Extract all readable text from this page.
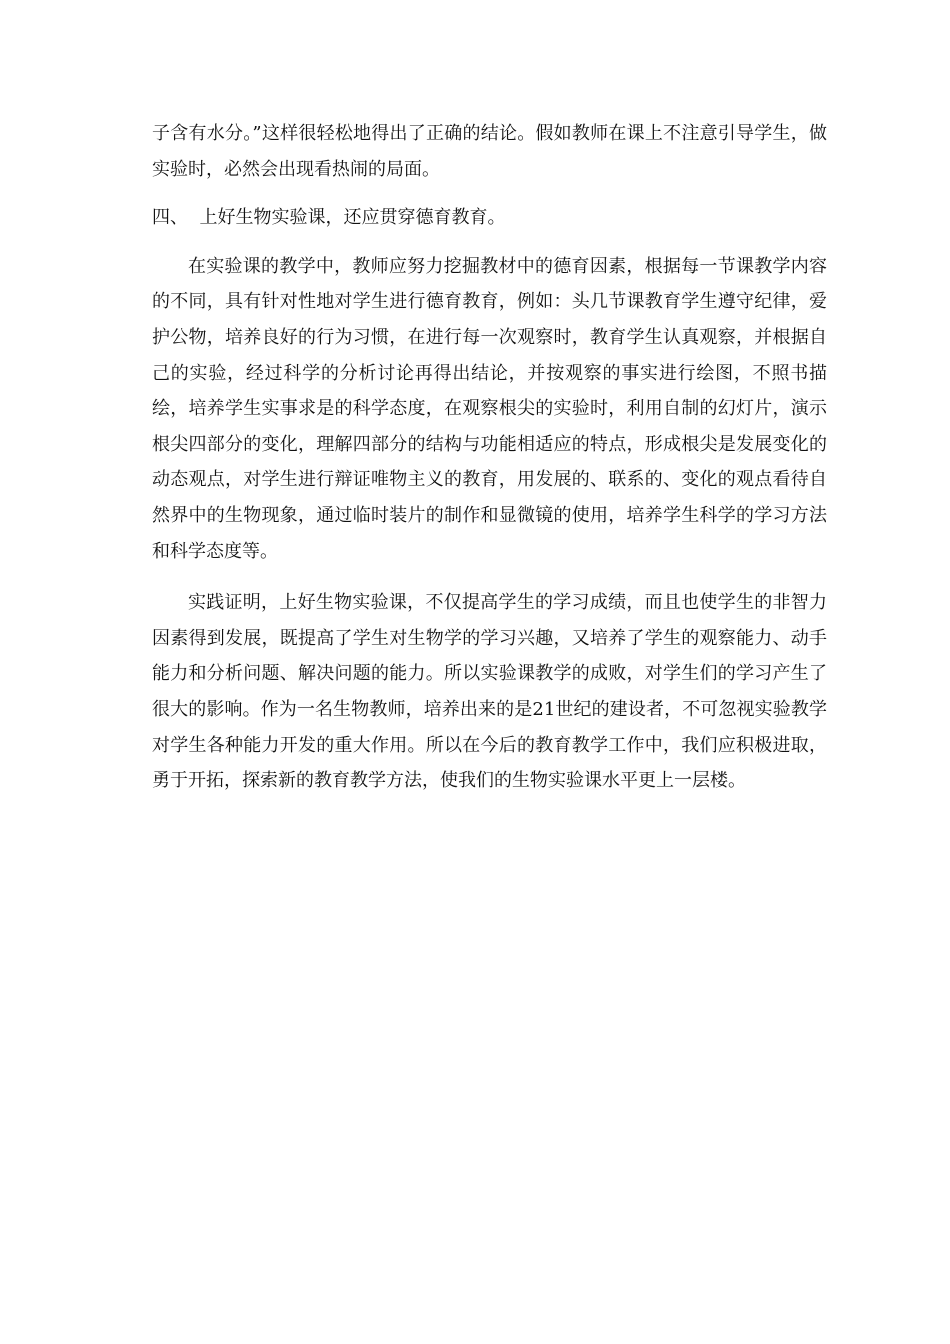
子含有水分。”这样很轻松地得出了正确的结论。假如教师在课上不注意引导学生，做实验时，必然会出现看热闹的局面。

四、  上好生物实验课，还应贯穿德育教育。

在实验课的教学中，教师应努力挖掘教材中的德育因素，根据每一节课教学内容的不同，具有针对性地对学生进行德育教育，例如：头几节课教育学生遵守纪律，爱护公物，培养良好的行为习惯，在进行每一次观察时，教育学生认真观察，并根据自己的实验，经过科学的分析讨论再得出结论，并按观察的事实进行绘图，不照书描绘，培养学生实事求是的科学态度，在观察根尖的实验时，利用自制的幻灯片，演示根尖四部分的变化，理解四部分的结构与功能相适应的特点，形成根尖是发展变化的动态观点，对学生进行辩证唯物主义的教育，用发展的、联系的、变化的观点看待自然界中的生物现象，通过临时装片的制作和显微镜的使用，培养学生科学的学习方法和科学态度等。

实践证明，上好生物实验课，不仅提高学生的学习成绩，而且也使学生的非智力因素得到发展，既提高了学生对生物学的学习兴趣，又培养了学生的观察能力、动手能力和分析问题、解决问题的能力。所以实验课教学的成败，对学生们的学习产生了很大的影响。作为一名生物教师，培养出来的是21世纪的建设者，不可忽视实验教学对学生各种能力开发的重大作用。所以在今后的教育教学工作中，我们应积极进取，勇于开拓，探索新的教育教学方法，使我们的生物实验课水平更上一层楼。
